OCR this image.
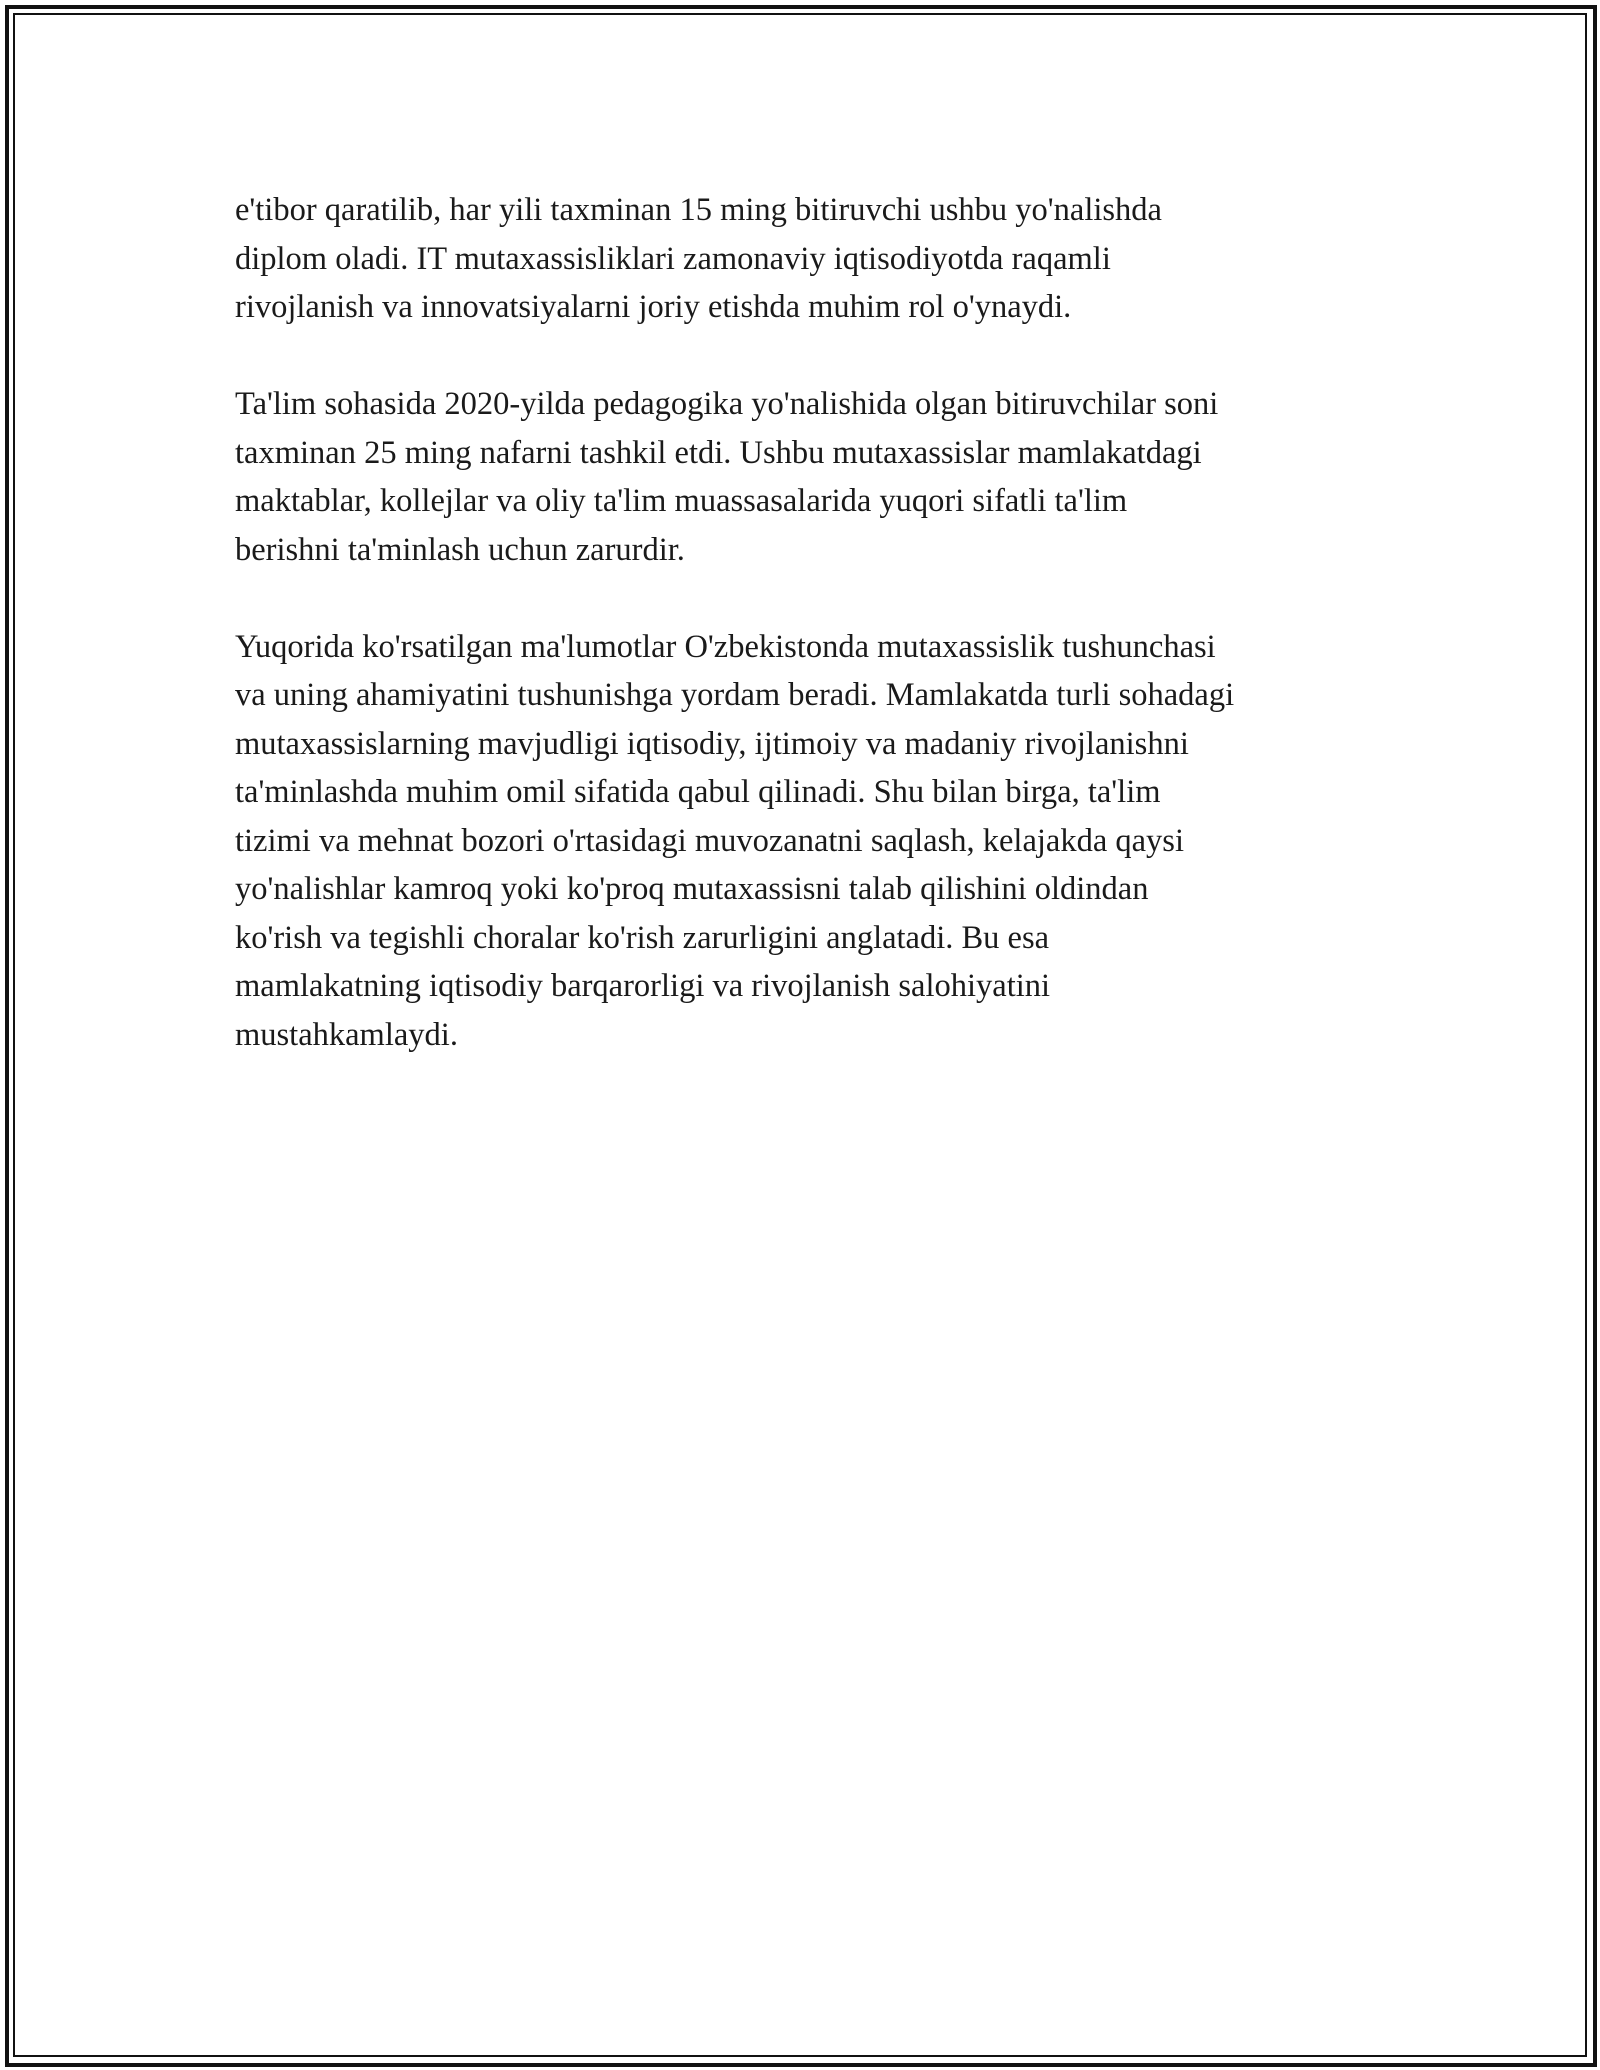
e'tibor qaratilib, har yili taxminan 15 ming bitiruvchi ushbu yo'nalishda
diplom oladi. IT mutaxassisliklari zamonaviy iqtisodiyotda raqamli
rivojlanish va innovatsiyalarni joriy etishda muhim rol o'ynaydi.

Ta'lim sohasida 2020-yilda pedagogika yo'nalishida olgan bitiruvchilar soni
taxminan 25 ming nafarni tashkil etdi. Ushbu mutaxassislar mamlakatdagi
maktablar, kollejlar va oliy ta'lim muassasalarida yuqori sifatli ta'lim
berishni ta'minlash uchun zarurdir.

Yuqorida ko'rsatilgan ma'lumotlar O'zbekistonda mutaxassislik tushunchasi
va uning ahamiyatini tushunishga yordam beradi. Mamlakatda turli sohadagi
mutaxassislarning mavjudligi iqtisodiy, ijtimoiy va madaniy rivojlanishni
ta'minlashda muhim omil sifatida qabul qilinadi. Shu bilan birga, ta'lim
tizimi va mehnat bozori o'rtasidagi muvozanatni saqlash, kelajakda qaysi
yo'nalishlar kamroq yoki ko'proq mutaxassisni talab qilishini oldindan
ko'rish va tegishli choralar ko'rish zarurligini anglatadi. Bu esa
mamlakatning iqtisodiy barqarorligi va rivojlanish salohiyatini
mustahkamlaydi.
